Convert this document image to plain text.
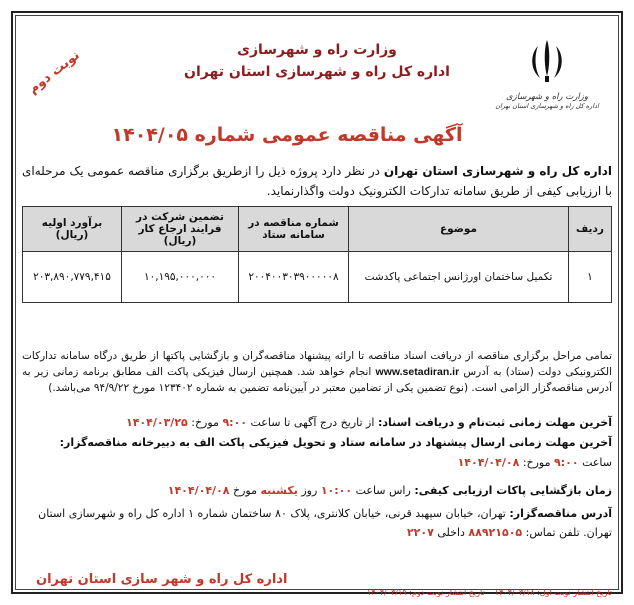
نوبت دوم	وزارت راه و شهرسازی
اداره کل راه و شهرسازی استان تهران
وزارت راه و شهرسازی
اداره کل راه و شهرسازی استان تهران
آگهی مناقصه عمومی شماره ۱۴۰۴/۰۵
اداره کل راه و شهرسازی استان تهران در نظر دارد پروژه ذیل را ازطریق برگزاری مناقصه عمومی یک مرحله‌ای با ارزیابی کیفی از طریق سامانه تدارکات الکترونیک دولت واگذارنماید.
ردیف	موضوع	شماره مناقصه در سامانه ستاد	تضمین شرکت در فرایند ارجاع کار (ریال)	برآورد اولیه (ریال)
۱	تکمیل ساختمان اورژانس اجتماعی پاکدشت	۲۰۰۴۰۰۳۰۳۹۰۰۰۰۰۸	۱۰,۱۹۵,۰۰۰,۰۰۰	۲۰۳,۸۹۰,۷۷۹,۴۱۵
تمامی مراحل برگزاری مناقصه از دریافت اسناد مناقصه تا ارائه پیشنهاد مناقصه‌گران و بازگشایی پاکتها از طریق درگاه سامانه تدارکات الکترونیکی دولت (ستاد) به آدرس www.setadiran.ir انجام خواهد شد. همچنین ارسال فیزیکی پاکت الف مطابق برنامه زمانی زیر به آدرس مناقصه‌گزار الزامی است. (نوع تضمین یکی از تضامین معتبر در آیین‌نامه تضمین به شماره ۱۲۳۴۰۲ مورخ ۹۴/۹/۲۲ می‌باشد.)
آخرین مهلت زمانی ثبت‌نام و دریافت اسناد: از تاریخ درج آگهی تا ساعت ۹:۰۰ مورخ: ۱۴۰۴/۰۳/۲۵
آخرین مهلت زمانی ارسال پیشنهاد در سامانه ستاد و تحویل فیزیکی پاکت الف به دبیرخانه مناقصه‌گزار:
ساعت ۹:۰۰ مورخ: ۱۴۰۴/۰۴/۰۸
زمان بازگشایی پاکات ارزیابی کیفی: راس ساعت ۱۰:۰۰ روز یکشنبه مورخ ۱۴۰۴/۰۴/۰۸
آدرس مناقصه‌گزار: تهران، خیابان سپهبد قرنی، خیابان کلانتری، پلاک ۸۰ ساختمان شماره ۱ اداره کل راه و شهرسازی استان تهران. تلفن تماس: ۸۸۹۲۱۵۰۵ داخلی ۲۲۰۷
اداره کل راه و شهر سازی استان تهران
تاریخ انتشار نوبت اول: ۱۴۰۴/۰۳/۱۸    تاریخ انتشار نوبت دوم: ۱۴۰۴/۰۳/۱۹
